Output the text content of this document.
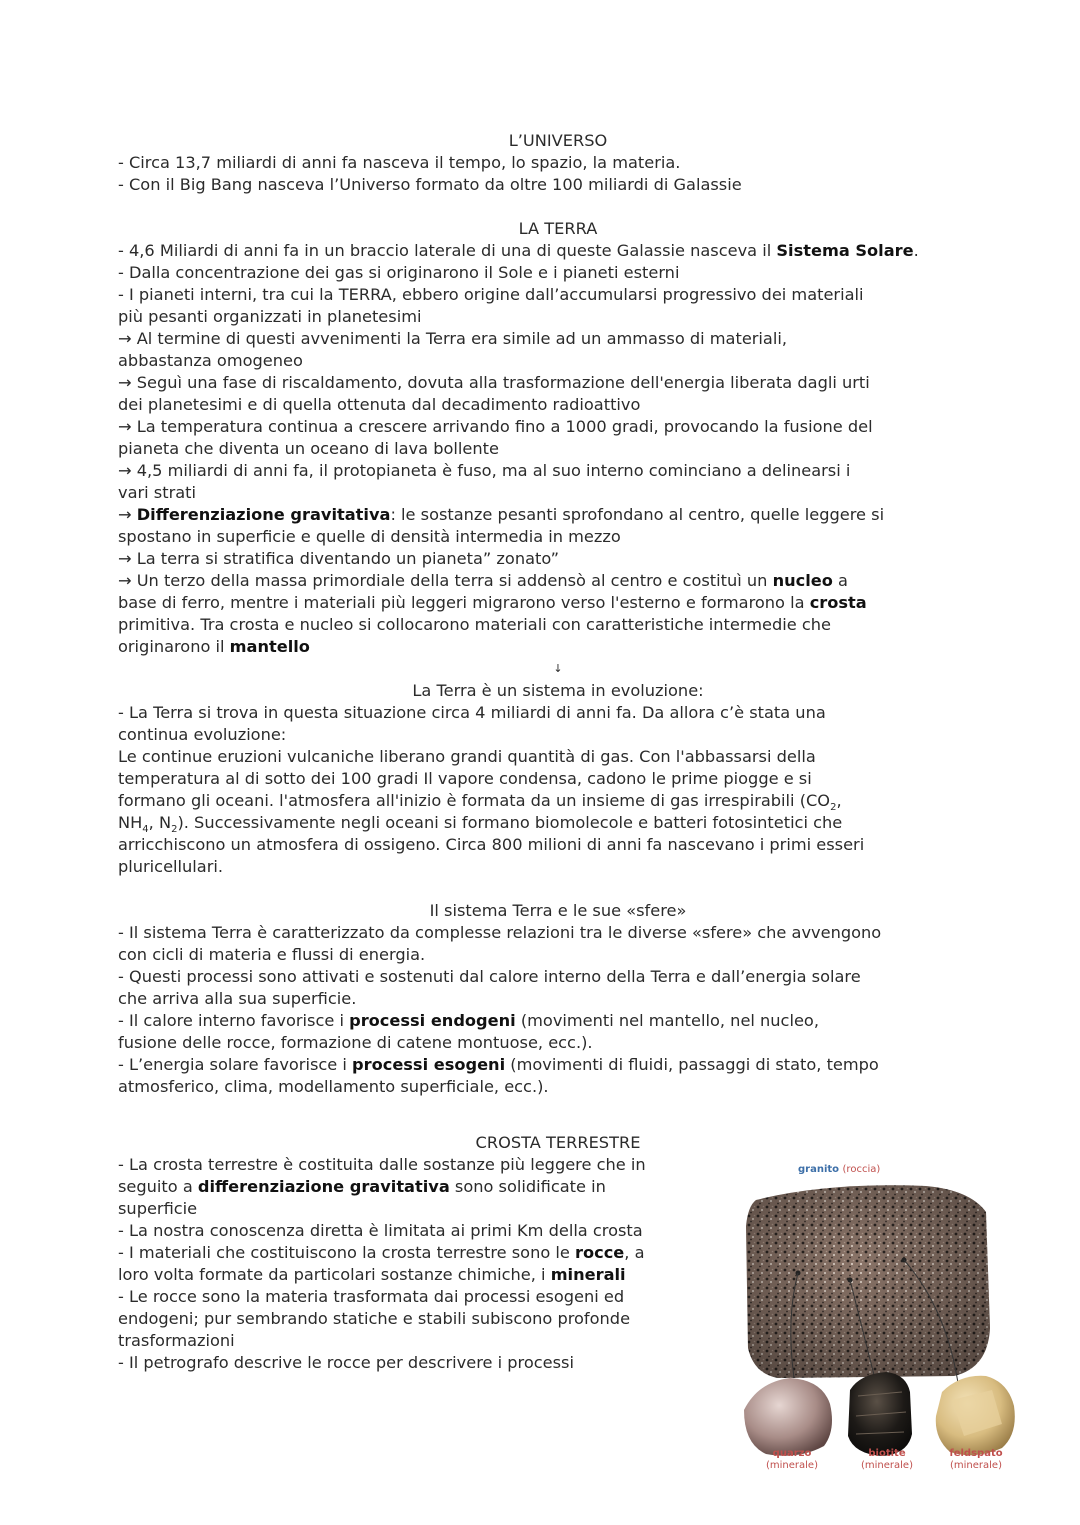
L’UNIVERSO
- Circa 13,7 miliardi di anni fa nasceva il tempo, lo spazio, la materia.
- Con il Big Bang nasceva l’Universo formato da oltre 100 miliardi di Galassie
LA TERRA
- 4,6 Miliardi di anni fa in un braccio laterale di una di queste Galassie nasceva il Sistema Solare.
- Dalla concentrazione dei gas si originarono il Sole e i pianeti esterni
- I pianeti interni, tra cui la TERRA, ebbero origine dall’accumularsi progressivo dei materiali
più pesanti organizzati in planetesimi
→ Al termine di questi avvenimenti la Terra era simile ad un ammasso di materiali,
abbastanza omogeneo
→ Seguì una fase di riscaldamento, dovuta alla trasformazione dell'energia liberata dagli urti
dei planetesimi e di quella ottenuta dal decadimento radioattivo
→ La temperatura continua a crescere arrivando fino a 1000 gradi, provocando la fusione del
pianeta che diventa un oceano di lava bollente
→ 4,5 miliardi di anni fa, il protopianeta è fuso, ma al suo interno cominciano a delinearsi i
vari strati
→ Differenziazione gravitativa: le sostanze pesanti sprofondano al centro, quelle leggere si
spostano in superficie e quelle di densità intermedia in mezzo
→ La terra si stratifica diventando un pianeta” zonato”
→ Un terzo della massa primordiale della terra si addensò al centro e costituì un nucleo a
base di ferro, mentre i materiali più leggeri migrarono verso l'esterno e formarono la crosta
primitiva. Tra crosta e nucleo si collocarono materiali con caratteristiche intermedie che
originarono il mantello
↓
La Terra è un sistema in evoluzione:
- La Terra si trova in questa situazione circa 4 miliardi di anni fa. Da allora c’è stata una
continua evoluzione:
Le continue eruzioni vulcaniche liberano grandi quantità di gas. Con l'abbassarsi della
temperatura al di sotto dei 100 gradi Il vapore condensa, cadono le prime piogge e si
formano gli oceani. l'atmosfera all'inizio è formata da un insieme di gas irrespirabili ($CO_2$,
$NH_4$, $N_2$). Successivamente negli oceani si formano biomolecole e batteri fotosintetici che
arricchiscono un atmosfera di ossigeno. Circa 800 milioni di anni fa nascevano i primi esseri
pluricellulari.
Il sistema Terra e le sue «sfere»
- Il sistema Terra è caratterizzato da complesse relazioni tra le diverse «sfere» che avvengono
con cicli di materia e flussi di energia.
- Questi processi sono attivati e sostenuti dal calore interno della Terra e dall’energia solare
che arriva alla sua superficie.
- Il calore interno favorisce i processi endogeni (movimenti nel mantello, nel nucleo,
fusione delle rocce, formazione di catene montuose, ecc.).
- L’energia solare favorisce i processi esogeni (movimenti di fluidi, passaggi di stato, tempo
atmosferico, clima, modellamento superficiale, ecc.).
CROSTA TERRESTRE
- La crosta terrestre è costituita dalle sostanze più leggere che in
seguito a differenziazione gravitativa sono solidificate in
superficie
- La nostra conoscenza diretta è limitata ai primi Km della crosta
- I materiali che costituiscono la crosta terrestre sono le rocce, a
loro volta formate da particolari sostanze chimiche, i minerali
- Le rocce sono la materia trasformata dai processi esogeni ed
endogeni; pur sembrando statiche e stabili subiscono profonde
trasformazioni
- Il petrografo descrive le rocce per descrivere i processi
granito (roccia)
quarzo
(minerale)
biotite
(minerale)
feldspato
(minerale)
